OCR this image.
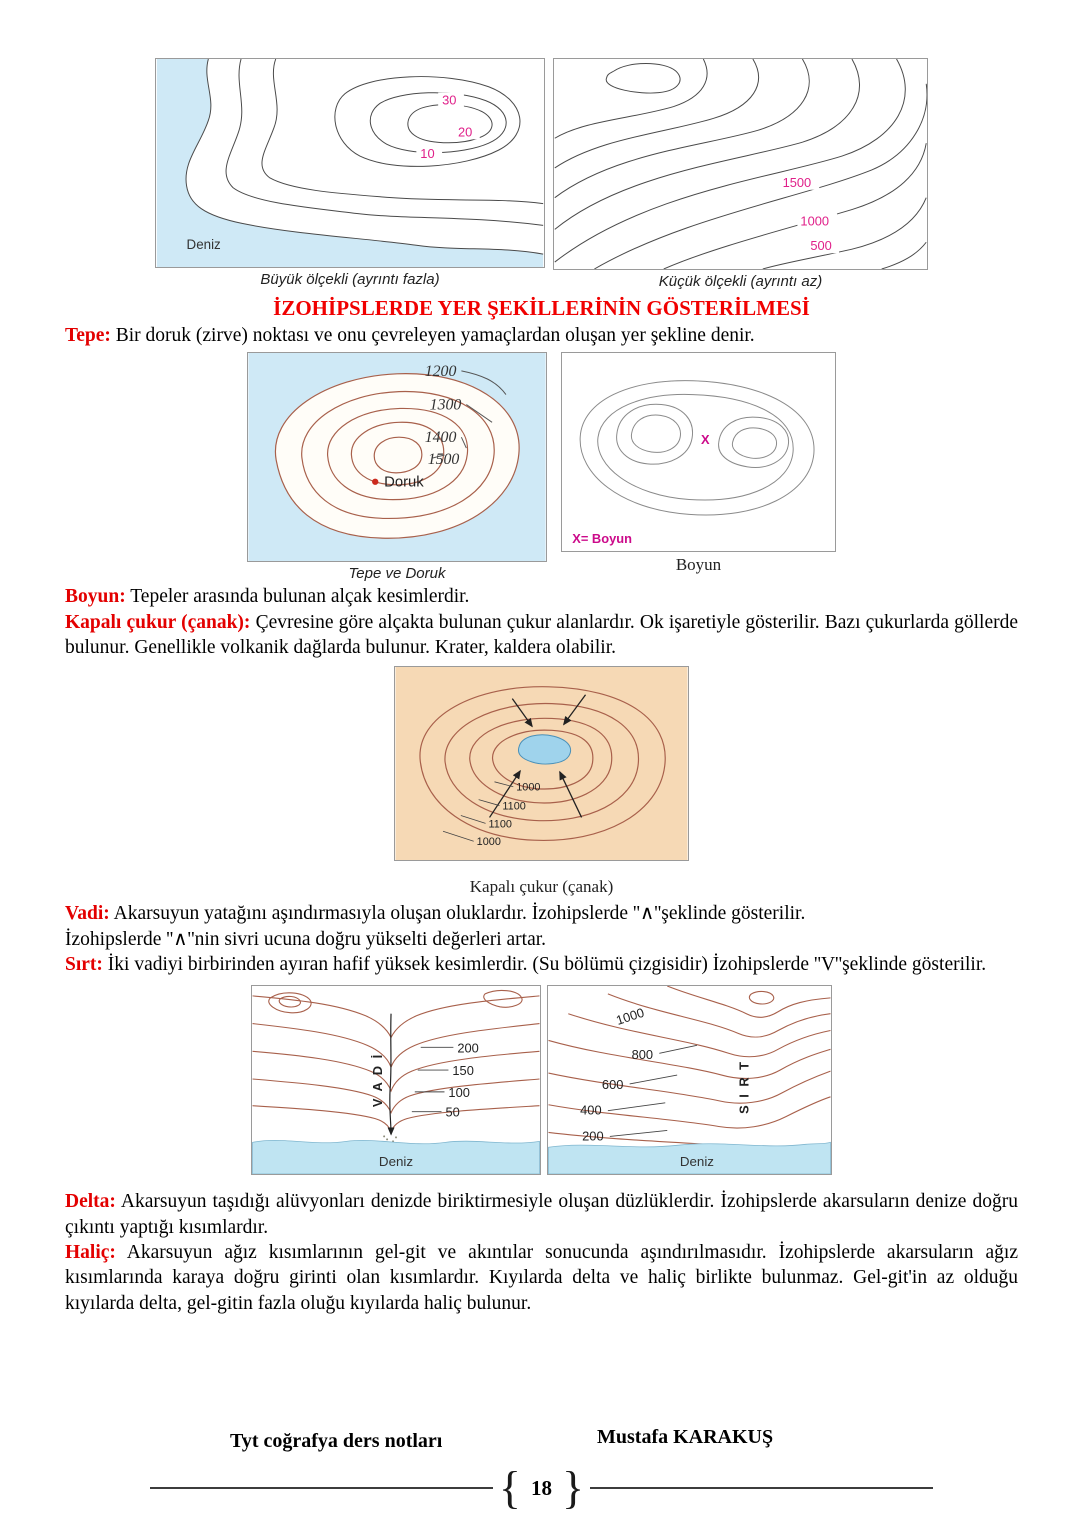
30
20
10
Deniz
Büyük ölçekli (ayrıntı fazla)
1500
1000
500
Küçük ölçekli (ayrıntı az)
İZOHİPSLERDE YER ŞEKİLLERİNİN GÖSTERİLMESİ

Tepe: Bir doruk (zirve) noktası ve onu çevreleyen yamaçlardan oluşan yer şekline denir.

1200
1300
1400
1500
Doruk
Tepe ve Doruk
X
X= Boyun
Boyun

Boyun: Tepeler arasında bulunan alçak kesimlerdir.

Kapalı çukur (çanak): Çevresine göre alçakta bulunan çukur alanlardır. Ok işaretiyle gösterilir. Bazı çukurlarda göllerde bulunur. Genellikle volkanik dağlarda bulunur. Krater, kaldera olabilir.

1000
1100
1100
1000
Kapalı çukur (çanak)

Vadi: Akarsuyun yatağını aşındırmasıyla oluşan oluklardır. İzohipslerde ''∧''şeklinde gösterilir.
İzohipslerde ''∧''nin sivri ucuna doğru yükselti değerleri artar.

Sırt: İki vadiyi birbirinden ayıran hafif yüksek kesimlerdir. (Su bölümü çizgisidir) İzohipslerde ''V''şeklinde gösterilir.

V A D İ
200
150
100
50
Deniz
1000
800
600
400
200
S I R T
Deniz

Delta: Akarsuyun taşıdığı alüvyonları denizde biriktirmesiyle oluşan düzlüklerdir. İzohipslerde akarsuların denize doğru çıkıntı yaptığı kısımlardır.

Haliç: Akarsuyun ağız kısımlarının gel-git ve akıntılar sonucunda aşındırılmasıdır. İzohipslerde akarsuların ağız kısımlarında karaya doğru girinti olan kısımlardır. Kıyılarda delta ve haliç birlikte bulunmaz. Gel-git'in az olduğu kıyılarda delta, gel-gitin fazla oluğu kıyılarda haliç bulunur.

Tyt coğrafya ders notları	Mustafa KARAKUŞ
{ 18 }
